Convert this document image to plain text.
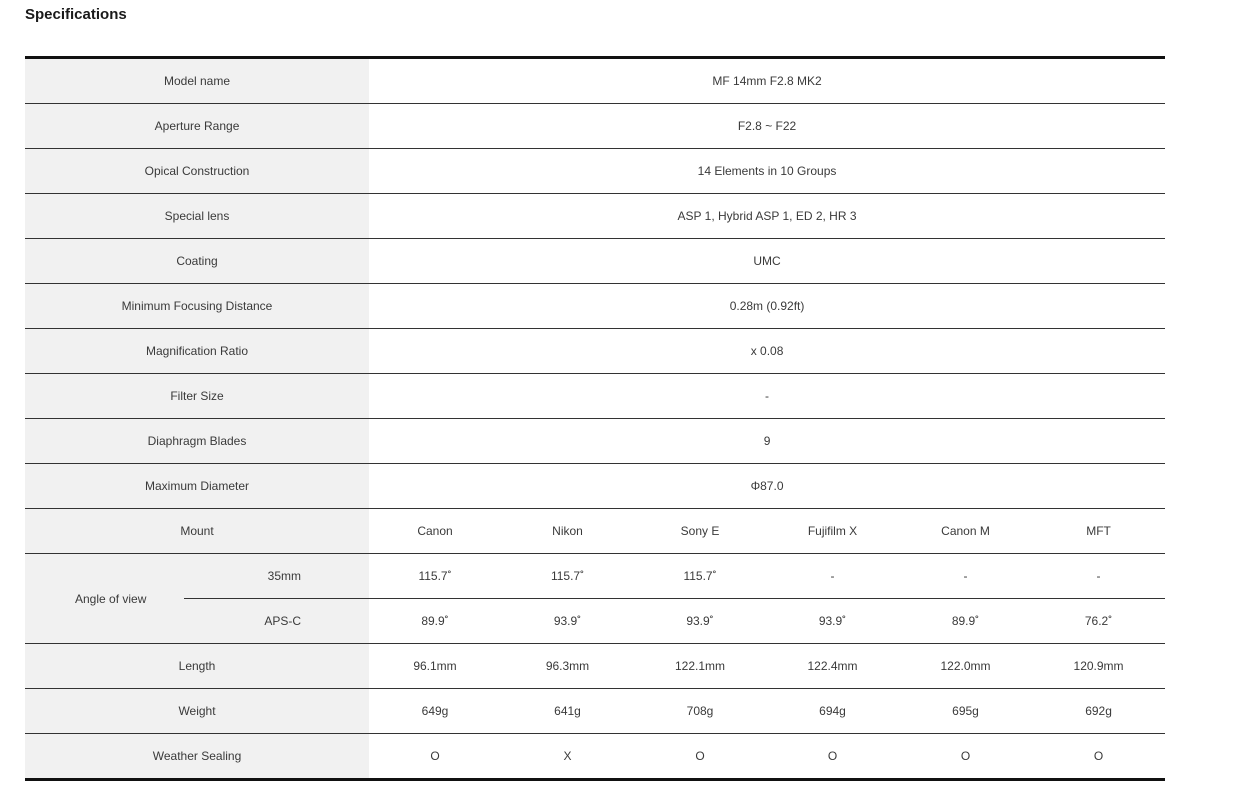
Specifications
Model name		MF 14mm F2.8 MK2					
Aperture Range		F2.8 ~ F22					
Opical Construction		14 Elements in 10 Groups					
Special lens		ASP 1, Hybrid ASP 1, ED 2, HR 3					
Coating		UMC					
Minimum Focusing Distance		0.28m (0.92ft)					
Magnification Ratio		x 0.08					
Filter Size		-					
Diaphragm Blades		9					
Maximum Diameter		Φ87.0					
Mount		Canon	Nikon	Sony E	Fujifilm X	Canon M	MFT
Angle of view	35mm	115.7˚	115.7˚	115.7˚	-	-	-
	APS-C	89.9˚	93.9˚	93.9˚	93.9˚	89.9˚	76.2˚
Length		96.1mm	96.3mm	122.1mm	122.4mm	122.0mm	120.9mm
Weight		649g	641g	708g	694g	695g	692g
Weather Sealing		O	X	O	O	O	O
